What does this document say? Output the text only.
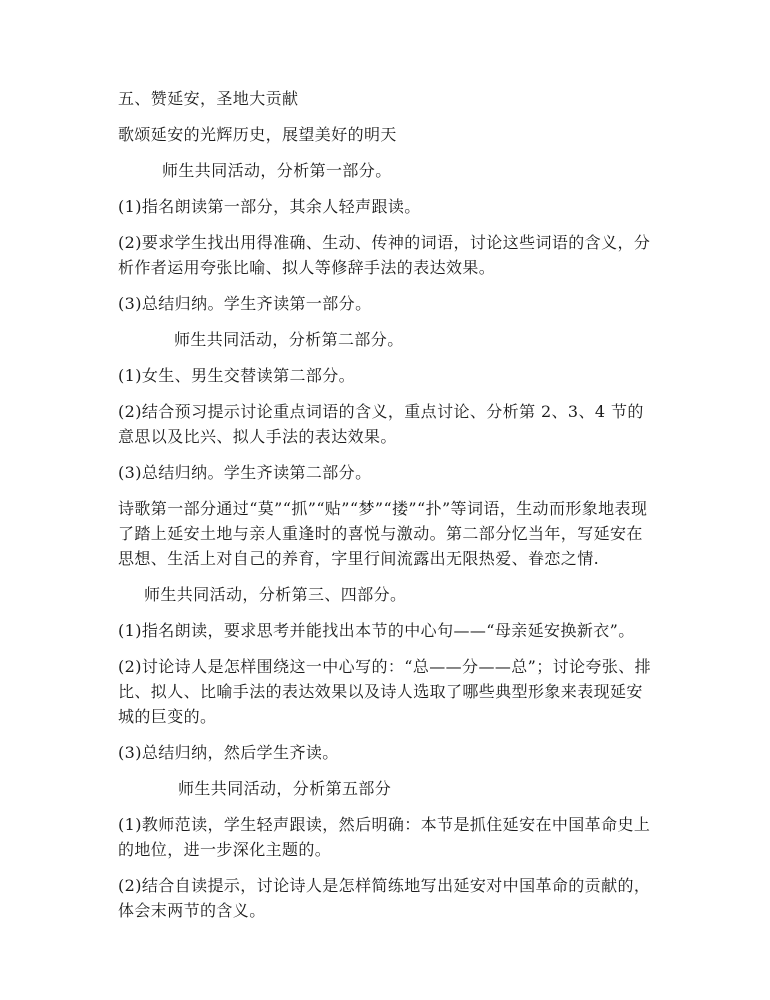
五、赞延安，圣地大贡献

歌颂延安的光辉历史，展望美好的明天

师生共同活动，分析第一部分。

(1)指名朗读第一部分，其余人轻声跟读。

(2)要求学生找出用得准确、生动、传神的词语，讨论这些词语的含义，分析作者运用夸张比喻、拟人等修辞手法的表达效果。

(3)总结归纳。学生齐读第一部分。

师生共同活动，分析第二部分。

(1)女生、男生交替读第二部分。

(2)结合预习提示讨论重点词语的含义，重点讨论、分析第 2、3、4 节的意思以及比兴、拟人手法的表达效果。

(3)总结归纳。学生齐读第二部分。

诗歌第一部分通过“莫”“抓”“贴”“梦”“搂”“扑”等词语，生动而形象地表现了踏上延安土地与亲人重逢时的喜悦与激动。第二部分忆当年，写延安在思想、生活上对自己的养育，字里行间流露出无限热爱、眷恋之情.

师生共同活动，分析第三、四部分。

(1)指名朗读，要求思考并能找出本节的中心句——“母亲延安换新衣”。

(2)讨论诗人是怎样围绕这一中心写的：“总——分——总”；讨论夸张、排比、拟人、比喻手法的表达效果以及诗人选取了哪些典型形象来表现延安城的巨变的。

(3)总结归纳，然后学生齐读。

师生共同活动，分析第五部分

(1)教师范读，学生轻声跟读，然后明确：本节是抓住延安在中国革命史上的地位，进一步深化主题的。

(2)结合自读提示，讨论诗人是怎样简练地写出延安对中国革命的贡献的，体会末两节的含义。
